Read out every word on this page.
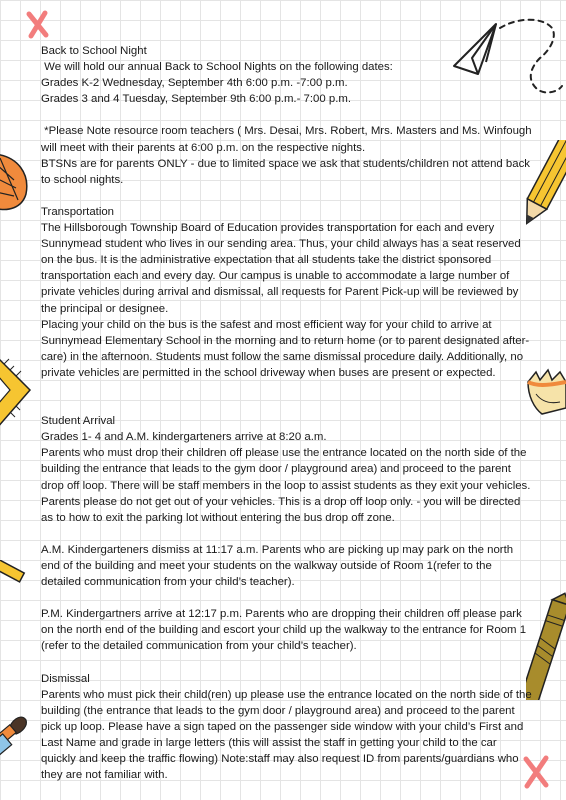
Back to School Night

We will hold our annual Back to School Nights on the following dates:

Grades K-2 Wednesday, September 4th 6:00 p.m. -7:00 p.m.

Grades 3 and 4 Tuesday, September 9th 6:00 p.m.- 7:00 p.m.

*Please Note resource room teachers ( Mrs. Desai, Mrs. Robert, Mrs. Masters and Ms. Winfough

will meet with their parents at 6:00 p.m. on the respective nights.

BTSNs are for parents ONLY - due to limited space we ask that students/children not attend back

to school nights.

Transportation

The Hillsborough Township Board of Education provides transportation for each and every

Sunnymead student who lives in our sending area. Thus, your child always has a seat reserved

on the bus. It is the administrative expectation that all students take the district sponsored

transportation each and every day. Our campus is unable to accommodate a large number of

private vehicles during arrival and dismissal, all requests for Parent Pick-up will be reviewed by

the principal or designee.

Placing your child on the bus is the safest and most efficient way for your child to arrive at

Sunnymead Elementary School in the morning and to return home (or to parent designated after-

care) in the afternoon. Students must follow the same dismissal procedure daily. Additionally, no

private vehicles are permitted in the school driveway when buses are present or expected.

Student Arrival

Grades 1- 4 and A.M. kindergarteners arrive at 8:20 a.m.

Parents who must drop their children off please use the entrance located on the north side of the

building the entrance that leads to the gym door / playground area) and proceed to the parent

drop off loop. There will be staff members in the loop to assist students as they exit your vehicles.

Parents please do not get out of your vehicles. This is a drop off loop only. - you will be directed

as to how to exit the parking lot without entering the bus drop off zone.

A.M. Kindergarteners dismiss at 11:17 a.m. Parents who are picking up may park on the north

end of the building and meet your students on the walkway outside of Room 1(refer to the

detailed communication from your child’s teacher).

P.M. Kindergartners arrive at 12:17 p.m. Parents who are dropping their children off please park

on the north end of the building and escort your child up the walkway to the entrance for Room 1

(refer to the detailed communication from your child’s teacher).

Dismissal

Parents who must pick their child(ren) up please use the entrance located on the north side of the

building (the entrance that leads to the gym door / playground area) and proceed to the parent

pick up loop. Please have a sign taped on the passenger side window with your child’s First and

Last Name and grade in large letters (this will assist the staff in getting your child to the car

quickly and keep the traffic flowing) Note:staff may also request ID from parents/guardians who

they are not familiar with.
